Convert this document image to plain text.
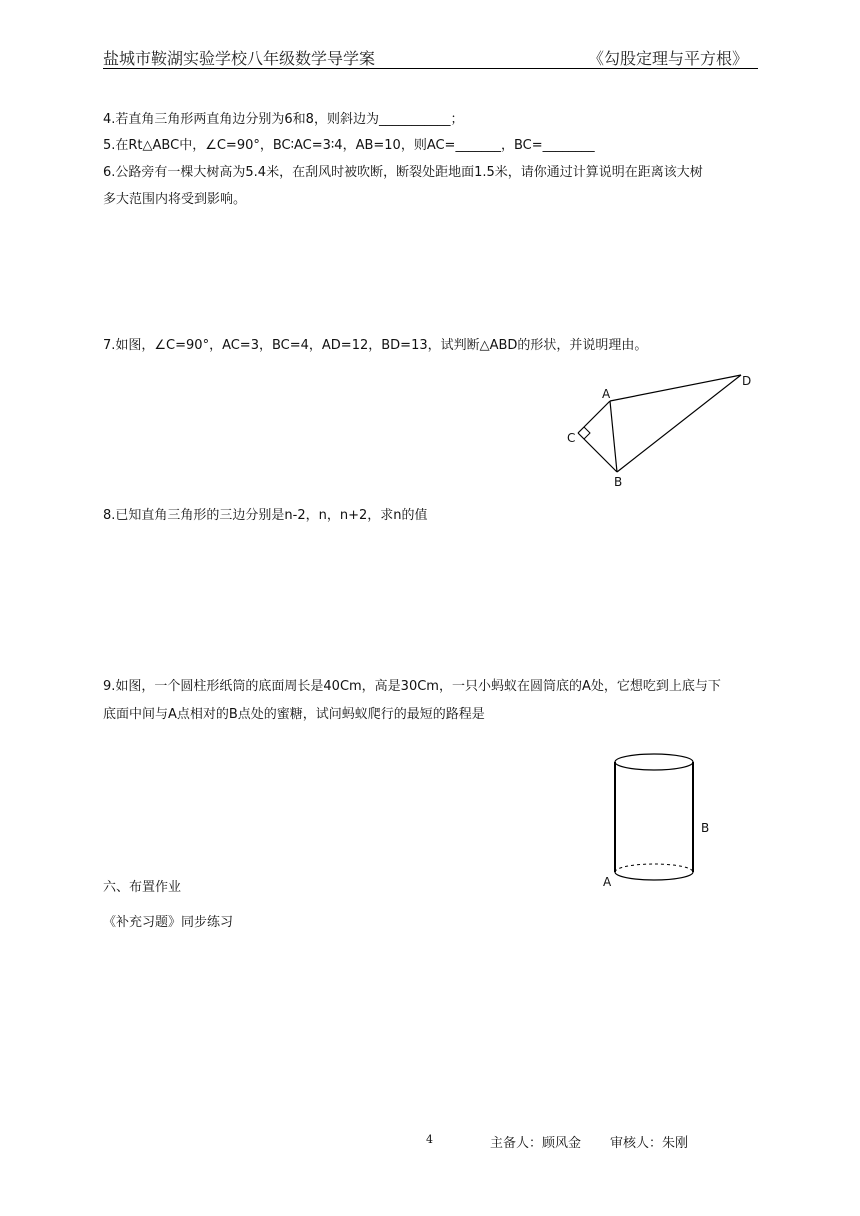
盐城市鞍湖实验学校八年级数学导学案	《勾股定理与平方根》
4.若直角三角形两直角边分别为6和8，则斜边为___________；
5.在Rt△ABC中，∠C=90°，BC∶AC=3∶4，AB=10，则AC=_______，BC=________
6.公路旁有一棵大树高为5.4米，在刮风时被吹断，断裂处距地面1.5米，请你通过计算说明在距离该大树
多大范围内将受到影响。
7.如图，∠C=90°，AC=3，BC=4，AD=12，BD=13，试判断△ABD的形状，并说明理由。
A
B
C
D
8.已知直角三角形的三边分别是n-2，n，n+2，求n的值
9.如图，一个圆柱形纸筒的底面周长是40Cm，高是30Cm，一只小蚂蚁在圆筒底的A处，它想吃到上底与下
底面中间与A点相对的B点处的蜜糖，试问蚂蚁爬行的最短的路程是
B
A
六、布置作业
《补充习题》同步练习
4	主备人：顾风金 审核人：朱刚
